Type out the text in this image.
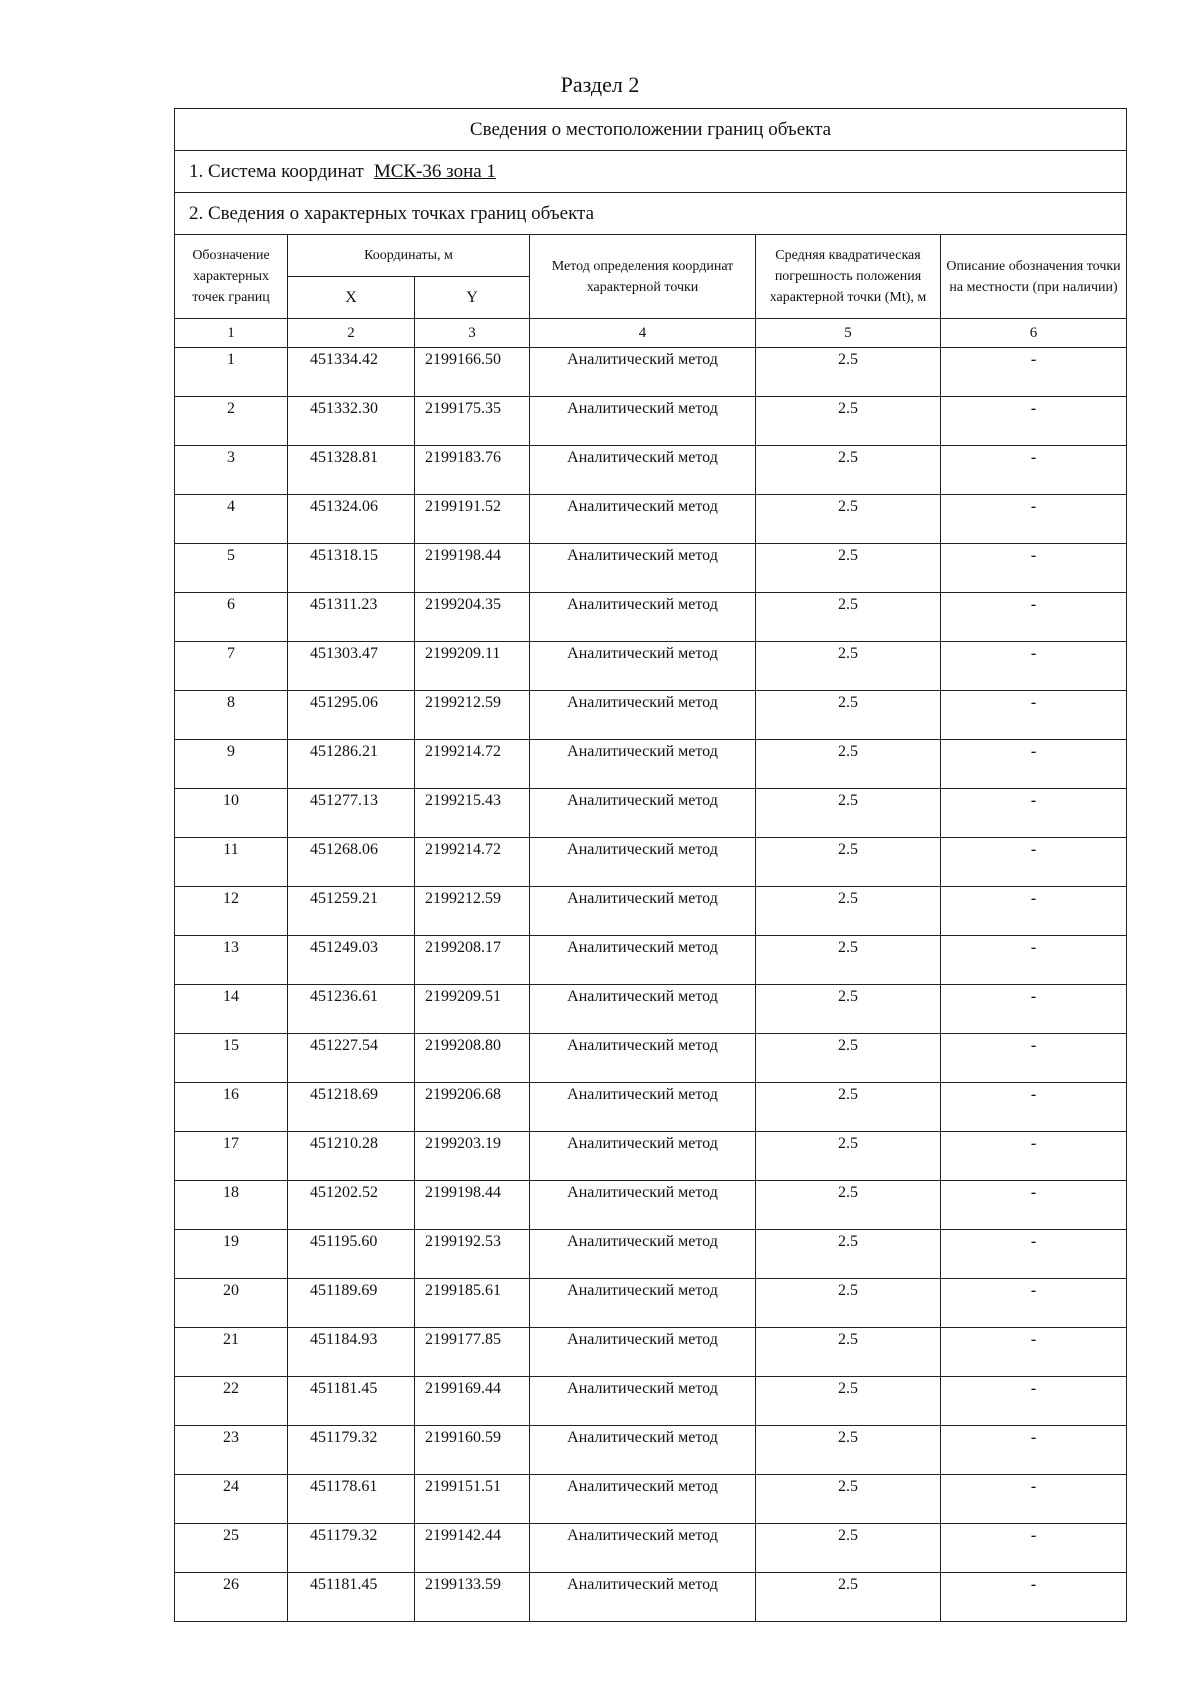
Раздел 2
Сведения о местоположении границ объекта					
1. Система координат МСК-36 зона 1					
2. Сведения о характерных точках границ объекта					
Обозначение характерных точек границ	Координаты, м		Метод определения координат характерной точки	Средняя квадратическая погрешность положения характерной точки (Mt), м	Описание обозначения точки на местности (при наличии)
	X	Y			
1	2	3	4	5	6
1	451334.42	2199166.50	Аналитический метод	2.5	-
2	451332.30	2199175.35	Аналитический метод	2.5	-
3	451328.81	2199183.76	Аналитический метод	2.5	-
4	451324.06	2199191.52	Аналитический метод	2.5	-
5	451318.15	2199198.44	Аналитический метод	2.5	-
6	451311.23	2199204.35	Аналитический метод	2.5	-
7	451303.47	2199209.11	Аналитический метод	2.5	-
8	451295.06	2199212.59	Аналитический метод	2.5	-
9	451286.21	2199214.72	Аналитический метод	2.5	-
10	451277.13	2199215.43	Аналитический метод	2.5	-
11	451268.06	2199214.72	Аналитический метод	2.5	-
12	451259.21	2199212.59	Аналитический метод	2.5	-
13	451249.03	2199208.17	Аналитический метод	2.5	-
14	451236.61	2199209.51	Аналитический метод	2.5	-
15	451227.54	2199208.80	Аналитический метод	2.5	-
16	451218.69	2199206.68	Аналитический метод	2.5	-
17	451210.28	2199203.19	Аналитический метод	2.5	-
18	451202.52	2199198.44	Аналитический метод	2.5	-
19	451195.60	2199192.53	Аналитический метод	2.5	-
20	451189.69	2199185.61	Аналитический метод	2.5	-
21	451184.93	2199177.85	Аналитический метод	2.5	-
22	451181.45	2199169.44	Аналитический метод	2.5	-
23	451179.32	2199160.59	Аналитический метод	2.5	-
24	451178.61	2199151.51	Аналитический метод	2.5	-
25	451179.32	2199142.44	Аналитический метод	2.5	-
26	451181.45	2199133.59	Аналитический метод	2.5	-
